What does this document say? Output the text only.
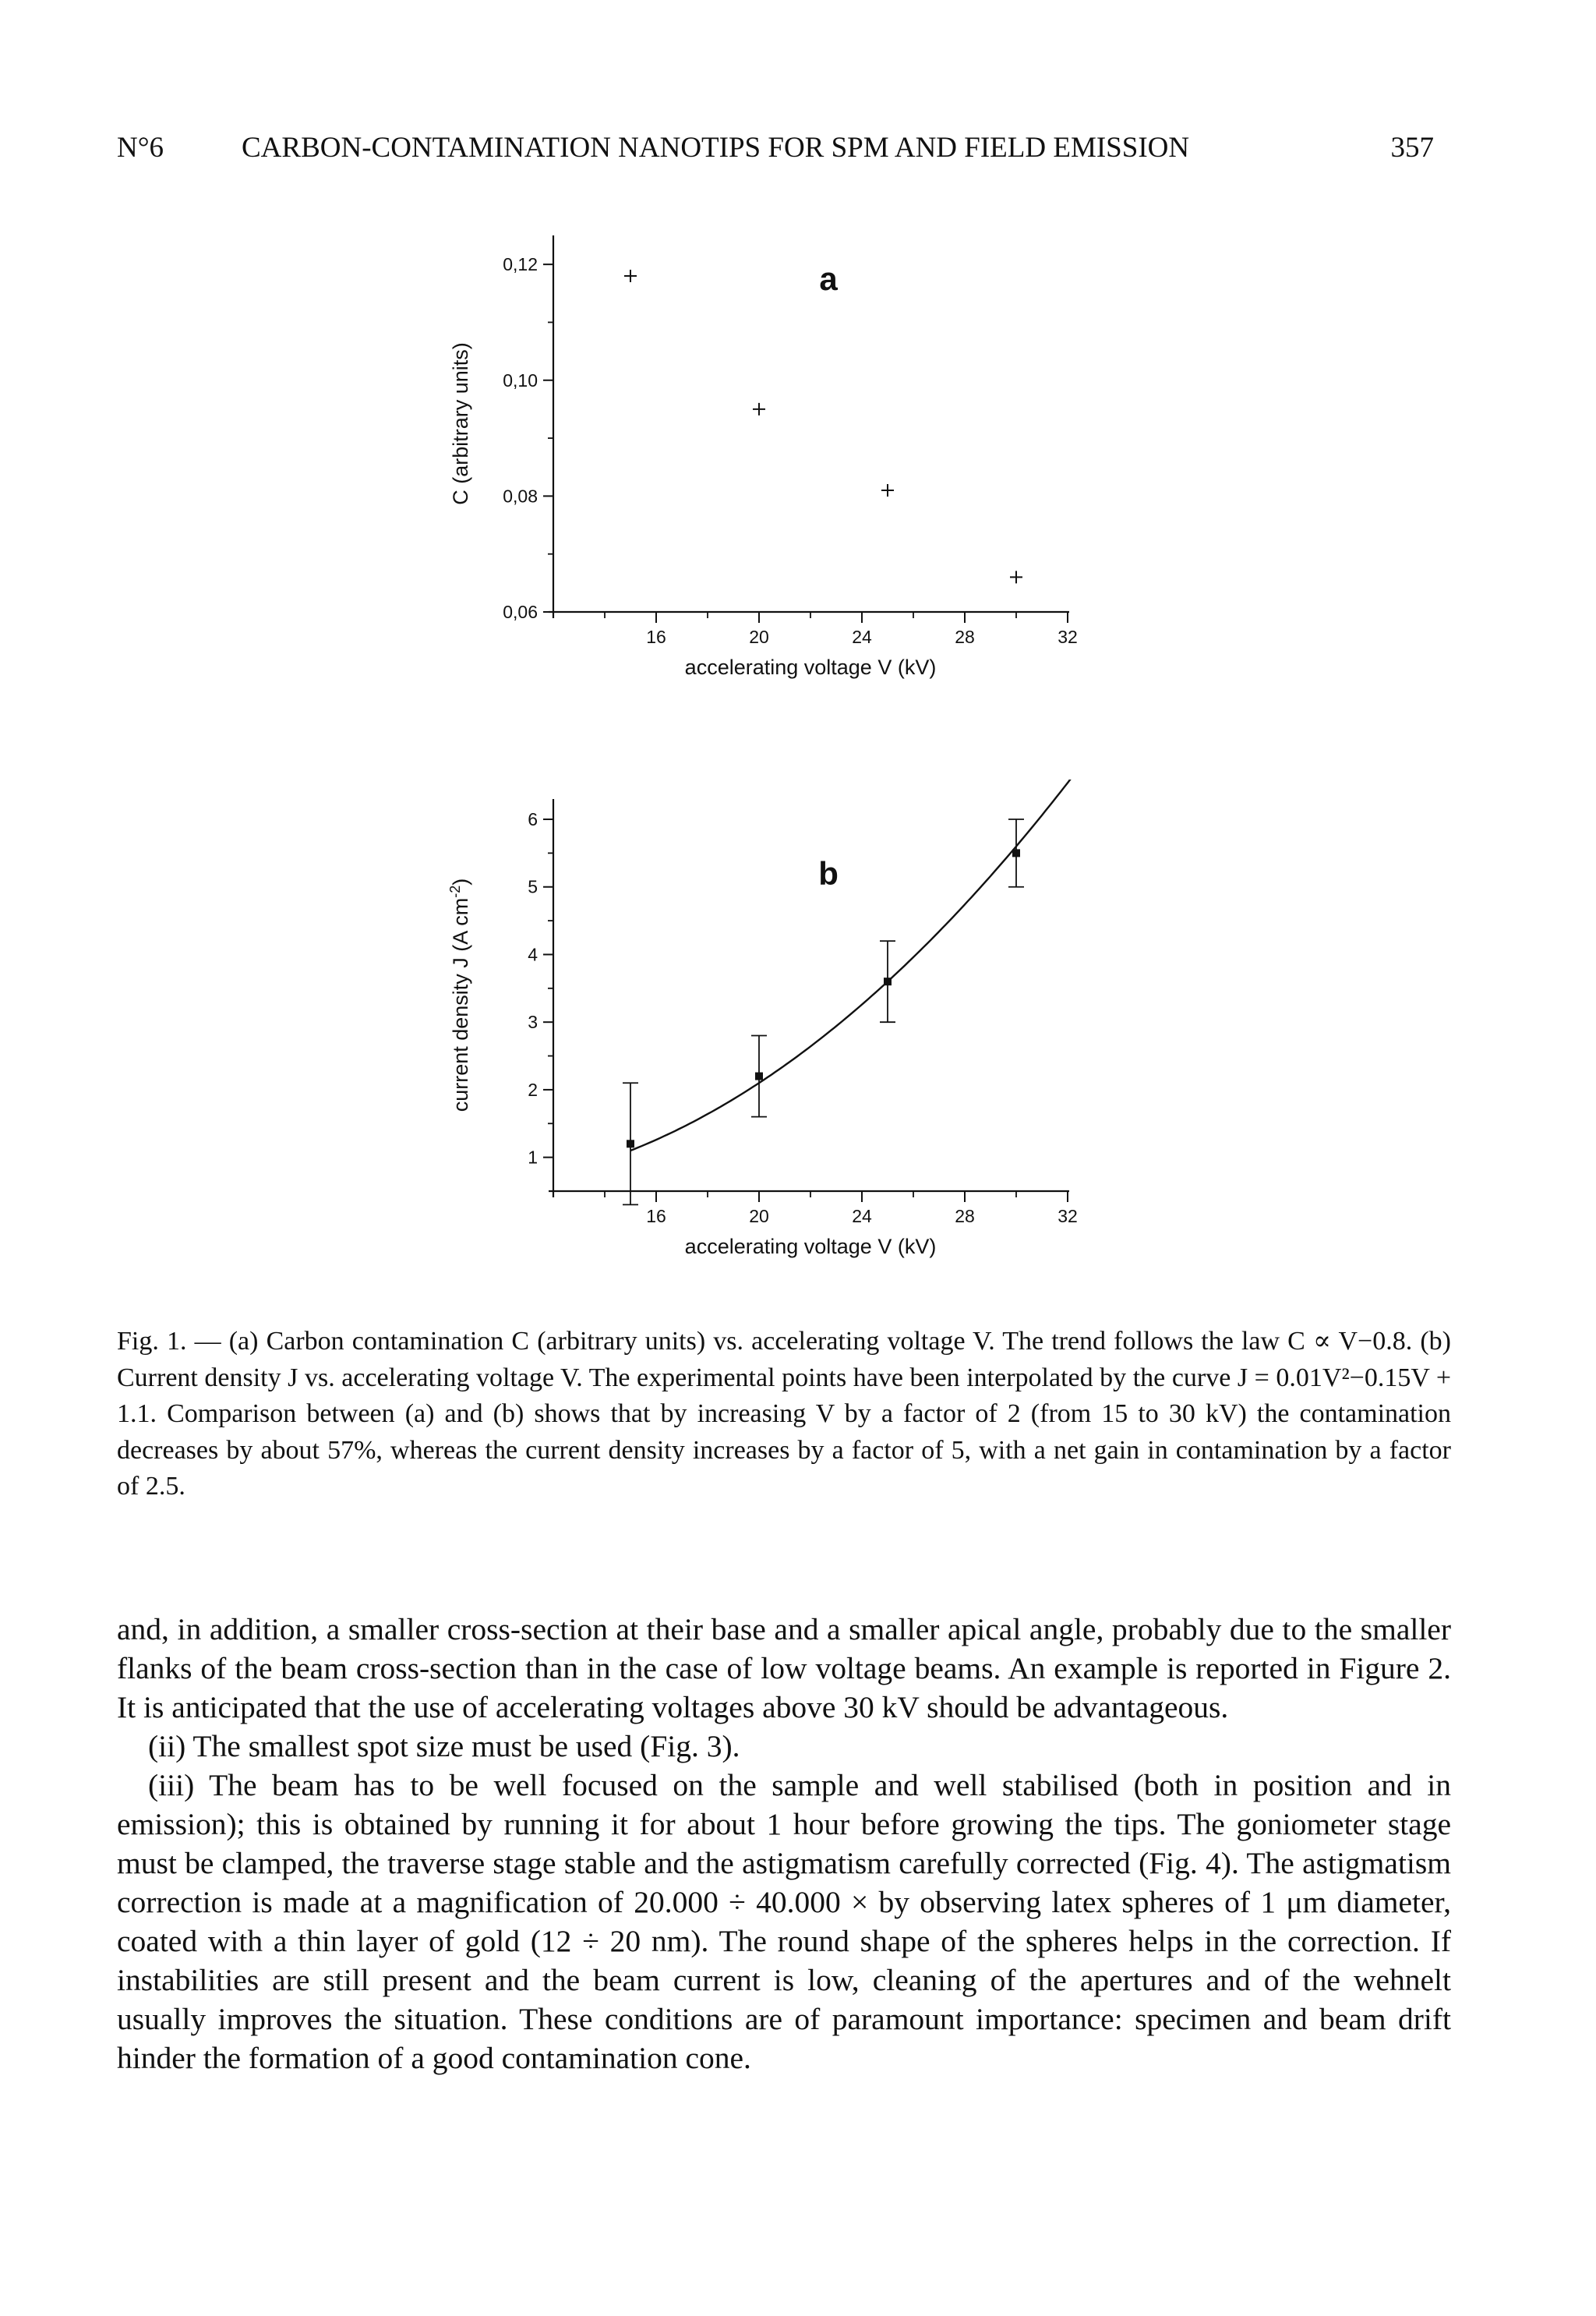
N°6	CARBON-CONTAMINATION NANOTIPS FOR SPM AND FIELD EMISSION	357
16	20	24	28	32
0,06
0,08
0,10
0,12
accelerating voltage V (kV)
C (arbitrary units)
a
16	20	24	28	32
1
2
3
4
5
6
accelerating voltage V (kV)
current density J (A $cm^{-2}$)	b
Fig. 1. — (a) Carbon contamination C (arbitrary units) vs. accelerating voltage V. The trend follows the law C ∝ V−0.8. (b) Current density J vs. accelerating voltage V. The experimental points have been interpolated by the curve J = 0.01V²−0.15V + 1.1. Comparison between (a) and (b) shows that by increasing V by a factor of 2 (from 15 to 30 kV) the contamination decreases by about 57%, whereas the current density increases by a factor of 5, with a net gain in contamination by a factor of 2.5.

and, in addition, a smaller cross-section at their base and a smaller apical angle, probably due to the smaller flanks of the beam cross-section than in the case of low voltage beams. An example is reported in Figure 2. It is anticipated that the use of accelerating voltages above 30 kV should be advantageous.

(ii) The smallest spot size must be used (Fig. 3).

(iii) The beam has to be well focused on the sample and well stabilised (both in position and in emission); this is obtained by running it for about 1 hour before growing the tips. The goniometer stage must be clamped, the traverse stage stable and the astigmatism carefully corrected (Fig. 4). The astigmatism correction is made at a magnification of 20.000 ÷ 40.000 × by observing latex spheres of 1 μm diameter, coated with a thin layer of gold (12 ÷ 20 nm). The round shape of the spheres helps in the correction. If instabilities are still present and the beam current is low, cleaning of the apertures and of the wehnelt usually improves the situation. These conditions are of paramount importance: specimen and beam drift hinder the formation of a good contamination cone.
